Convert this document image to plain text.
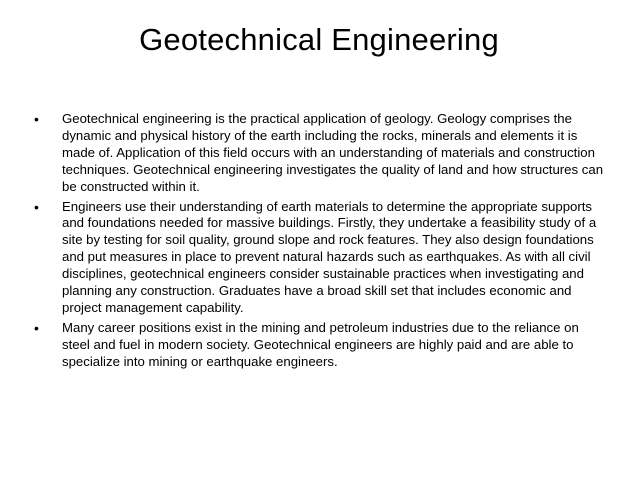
Geotechnical Engineering
•	Geotechnical engineering is the practical application of geology. Geology comprises the dynamic and physical history of the earth including the rocks, minerals and elements it is made of. Application of this field occurs with an understanding of materials and construction techniques. Geotechnical engineering investigates the quality of land and how structures can be constructed within it.
•	Engineers use their understanding of earth materials to determine the appropriate supports and foundations needed for massive buildings. Firstly, they undertake a feasibility study of a site by testing for soil quality, ground slope and rock features. They also design foundations and put measures in place to prevent natural hazards such as earthquakes. As with all civil disciplines, geotechnical engineers consider sustainable practices when investigating and planning any construction. Graduates have a broad skill set that includes economic and project management capability.
•	Many career positions exist in the mining and petroleum industries due to the reliance on steel and fuel in modern society. Geotechnical engineers are highly paid and are able to specialize into mining or earthquake engineers.
